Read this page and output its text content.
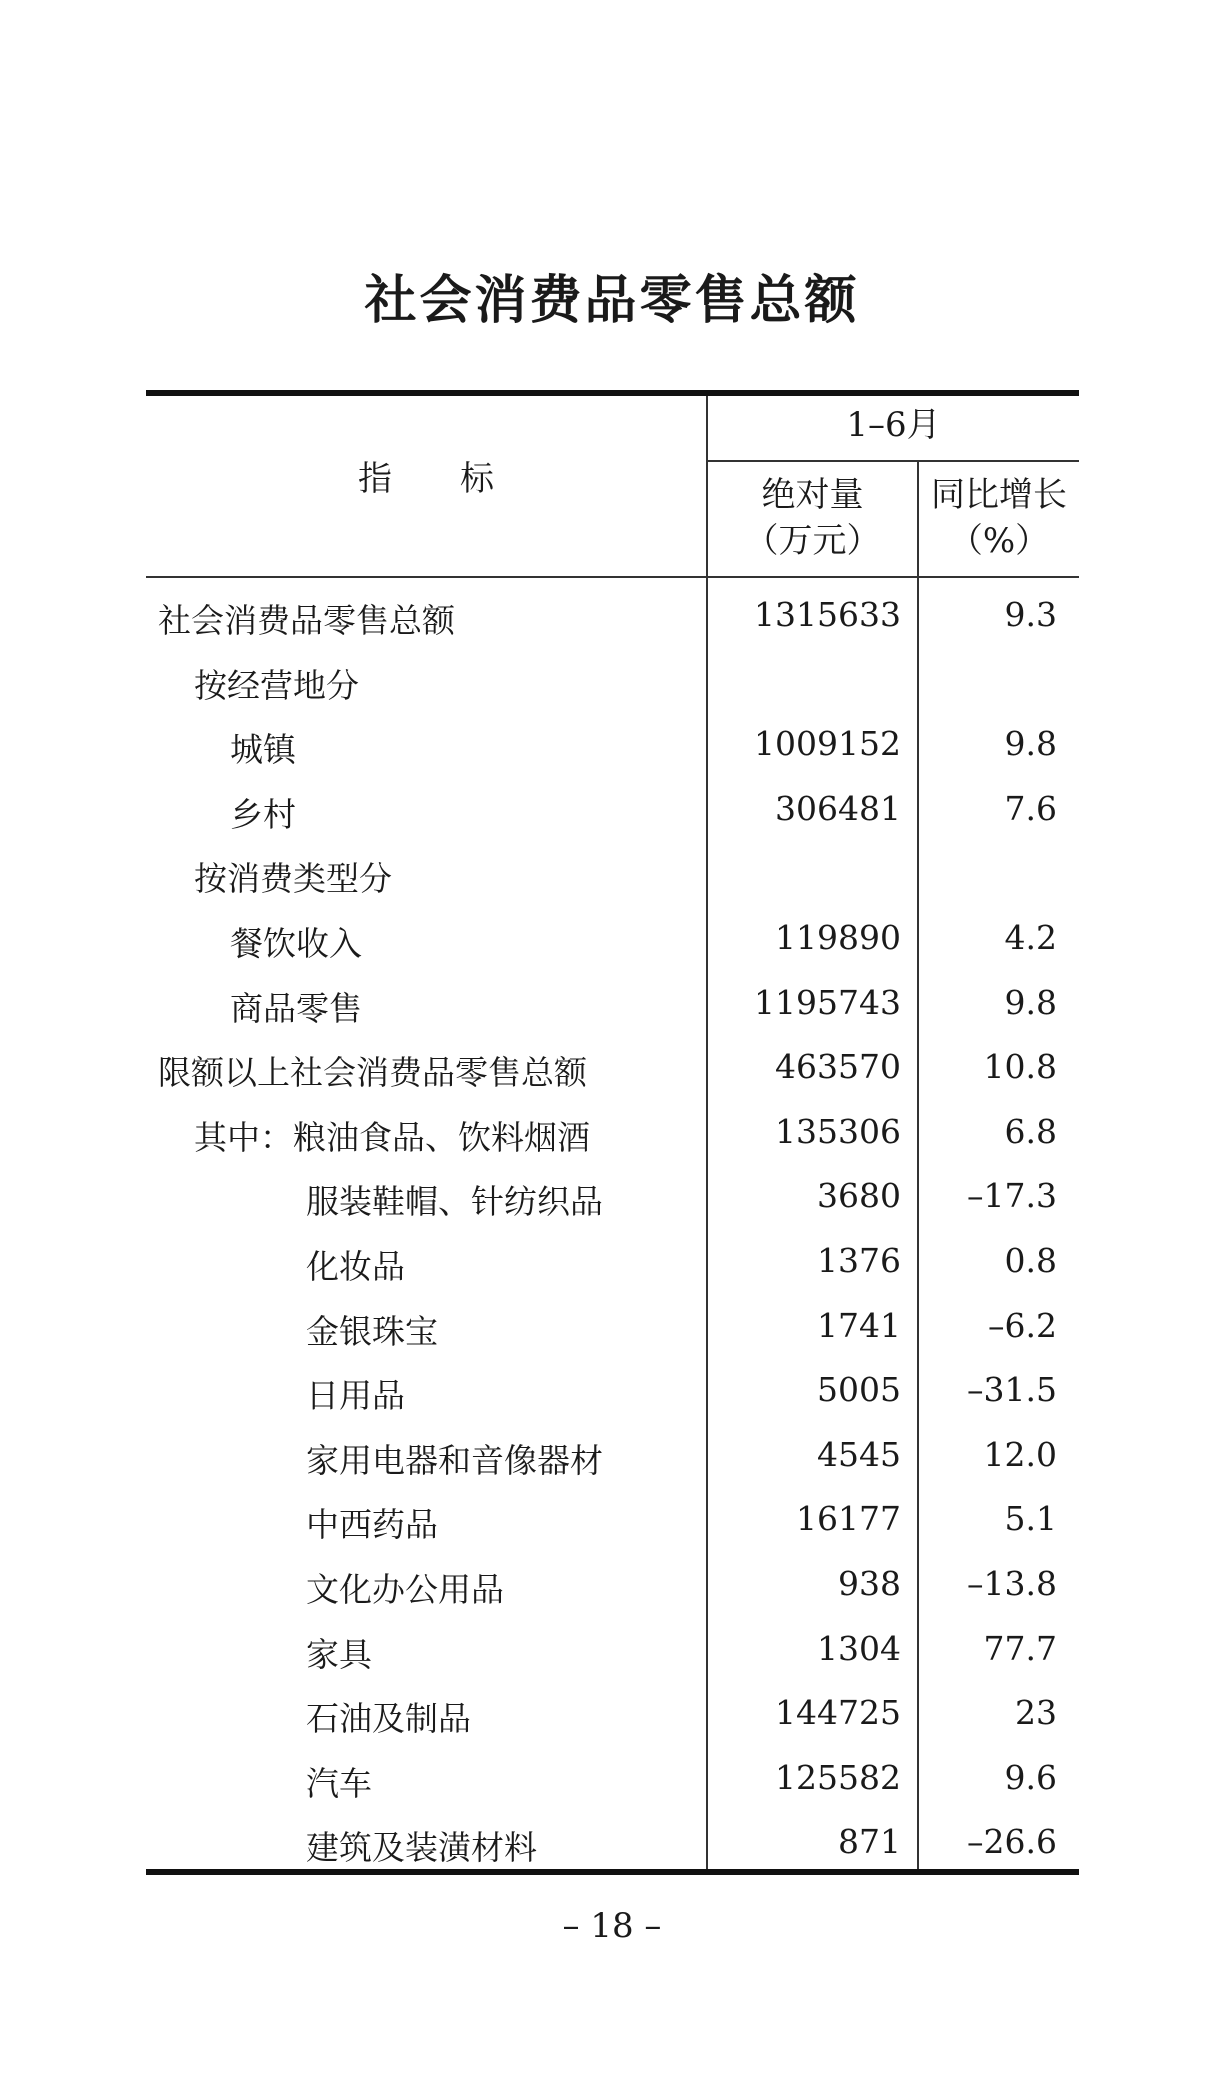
社会消费品零售总额
指　　标
1–6月
绝对量
（万元）
同比增长
（%）
社会消费品零售总额	1315633	9.3
按经营地分
城镇	1009152	9.8
乡村	306481	7.6
按消费类型分
餐饮收入	119890	4.2
商品零售	1195743	9.8
限额以上社会消费品零售总额	463570	10.8
其中：粮油食品、饮料烟酒	135306	6.8
服装鞋帽、针纺织品	3680 –17.3
化妆品	1376	0.8
金银珠宝	1741	–6.2
日用品	5005 –31.5
家用电器和音像器材	4545	12.0
中西药品	16177	5.1
文化办公用品	938 –13.8
家具	1304	77.7
石油及制品	144725	23
汽车	125582	9.6
建筑及装潢材料	871 –26.6
– 18 –
